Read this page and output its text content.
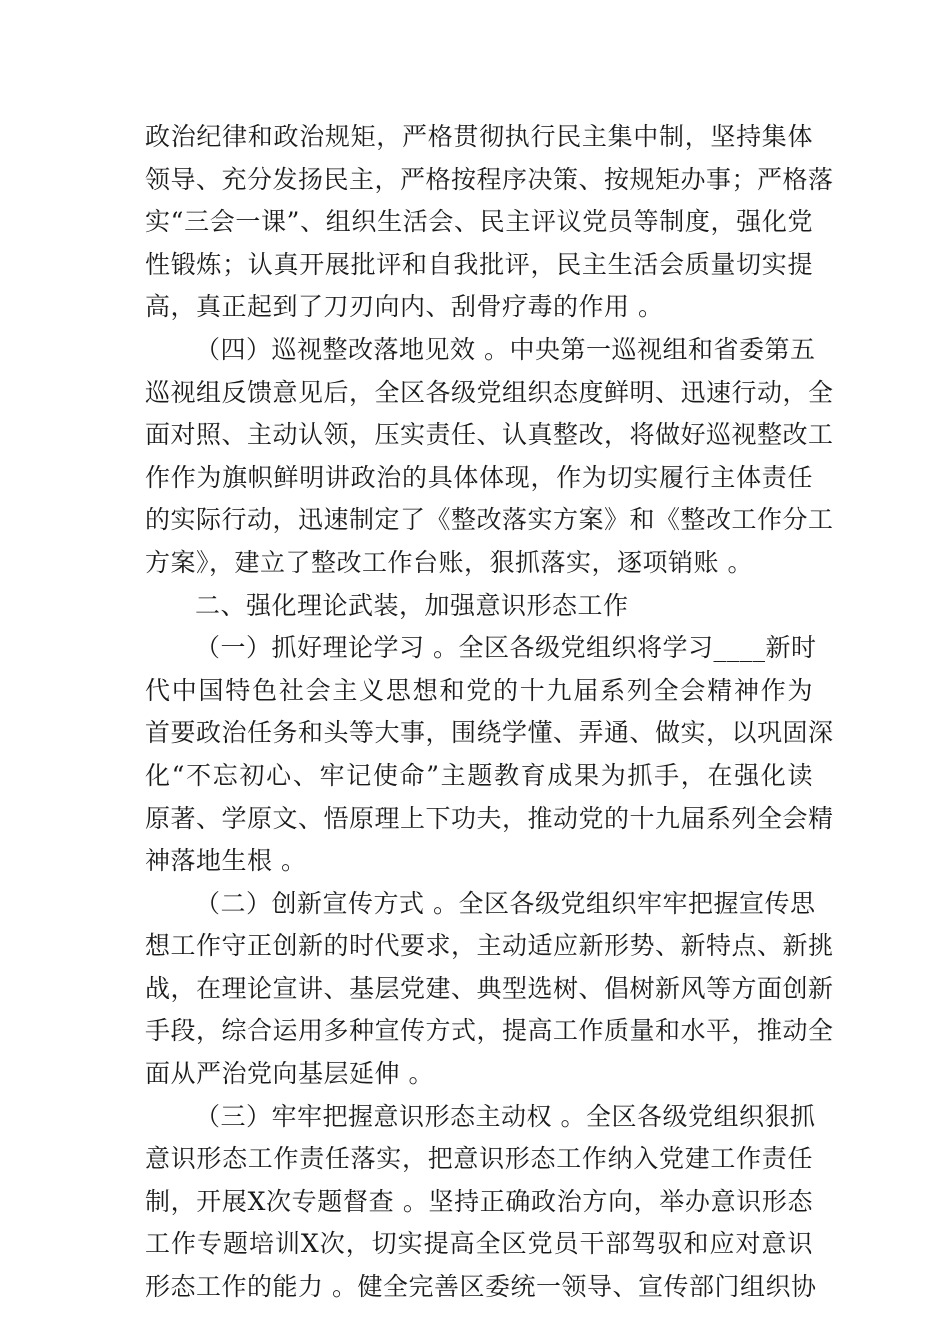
政治纪律和政治规矩，严格贯彻执行民主集中制，坚持集体
领导、充分发扬民主，严格按程序决策、按规矩办事；严格落
实“三会一课”、组织生活会、民主评议党员等制度，强化党
性锻炼；认真开展批评和自我批评，民主生活会质量切实提
高，真正起到了刀刃向内、刮骨疗毒的作用 。
（四）巡视整改落地见效 。中央第一巡视组和省委第五
巡视组反馈意见后，全区各级党组织态度鲜明、迅速行动，全
面对照、主动认领，压实责任、认真整改，将做好巡视整改工
作作为旗帜鲜明讲政治的具体体现，作为切实履行主体责任
的实际行动，迅速制定了《整改落实方案》和《整改工作分工
方案》，建立了整改工作台账，狠抓落实，逐项销账 。
二、强化理论武装，加强意识形态工作
（一）抓好理论学习 。全区各级党组织将学习____新时
代中国特色社会主义思想和党的十九届系列全会精神作为
首要政治任务和头等大事，围绕学懂、弄通、做实，以巩固深
化“不忘初心、牢记使命”主题教育成果为抓手，在强化读
原著、学原文、悟原理上下功夫，推动党的十九届系列全会精
神落地生根 。
（二）创新宣传方式 。全区各级党组织牢牢把握宣传思
想工作守正创新的时代要求，主动适应新形势、新特点、新挑
战，在理论宣讲、基层党建、典型选树、倡树新风等方面创新
手段，综合运用多种宣传方式，提高工作质量和水平，推动全
面从严治党向基层延伸 。
（三）牢牢把握意识形态主动权 。全区各级党组织狠抓
意识形态工作责任落实，把意识形态工作纳入党建工作责任
制，开展X次专题督查 。坚持正确政治方向，举办意识形态
工作专题培训X次，切实提高全区党员干部驾驭和应对意识
形态工作的能力 。健全完善区委统一领导、宣传部门组织协
